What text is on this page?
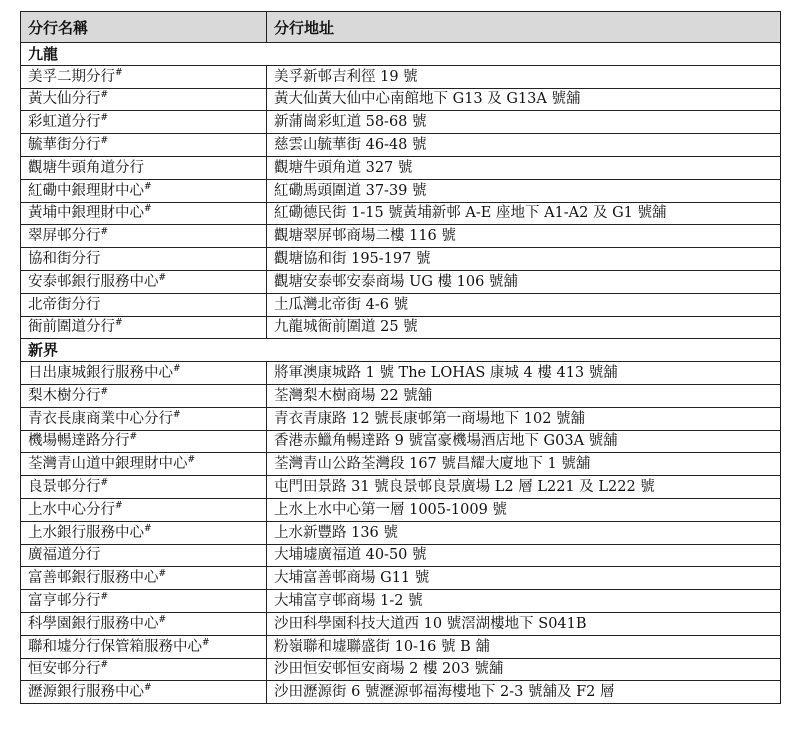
分行名稱	分行地址
九龍	
美孚二期分行#	美孚新邨吉利徑 19 號
黃大仙分行#	黃大仙黃大仙中心南館地下 G13 及 G13A 號舖
彩虹道分行#	新蒲崗彩虹道 58-68 號
毓華街分行#	慈雲山毓華街 46-48 號
觀塘牛頭角道分行	觀塘牛頭角道 327 號
紅磡中銀理財中心#	紅磡馬頭圍道 37-39 號
黃埔中銀理財中心#	紅磡德民街 1-15 號黃埔新邨 A-E 座地下 A1-A2 及 G1 號舖
翠屏邨分行#	觀塘翠屏邨商場二樓 116 號
協和街分行	觀塘協和街 195-197 號
安泰邨銀行服務中心#	觀塘安泰邨安泰商場 UG 樓 106 號舖
北帝街分行	土瓜灣北帝街 4-6 號
衙前圍道分行#	九龍城衙前圍道 25 號
新界	
日出康城銀行服務中心#	將軍澳康城路 1 號 The LOHAS 康城 4 樓 413 號舖
梨木樹分行#	荃灣梨木樹商場 22 號舖
青衣長康商業中心分行#	青衣青康路 12 號長康邨第一商場地下 102 號舖
機場暢達路分行#	香港赤鱲角暢達路 9 號富豪機場酒店地下 G03A 號舖
荃灣青山道中銀理財中心#	荃灣青山公路荃灣段 167 號昌耀大廈地下 1 號舖
良景邨分行#	屯門田景路 31 號良景邨良景廣場 L2 層 L221 及 L222 號
上水中心分行#	上水上水中心第一層 1005-1009 號
上水銀行服務中心#	上水新豐路 136 號
廣福道分行	大埔墟廣福道 40-50 號
富善邨銀行服務中心#	大埔富善邨商場 G11 號
富亨邨分行#	大埔富亨邨商場 1-2 號
科學園銀行服務中心#	沙田科學園科技大道西 10 號滘湖樓地下 S041B
聯和墟分行保管箱服務中心#	粉嶺聯和墟聯盛街 10-16 號 B 舖
恒安邨分行#	沙田恒安邨恒安商場 2 樓 203 號舖
瀝源銀行服務中心#	沙田瀝源街 6 號瀝源邨福海樓地下 2-3 號舖及 F2 層
